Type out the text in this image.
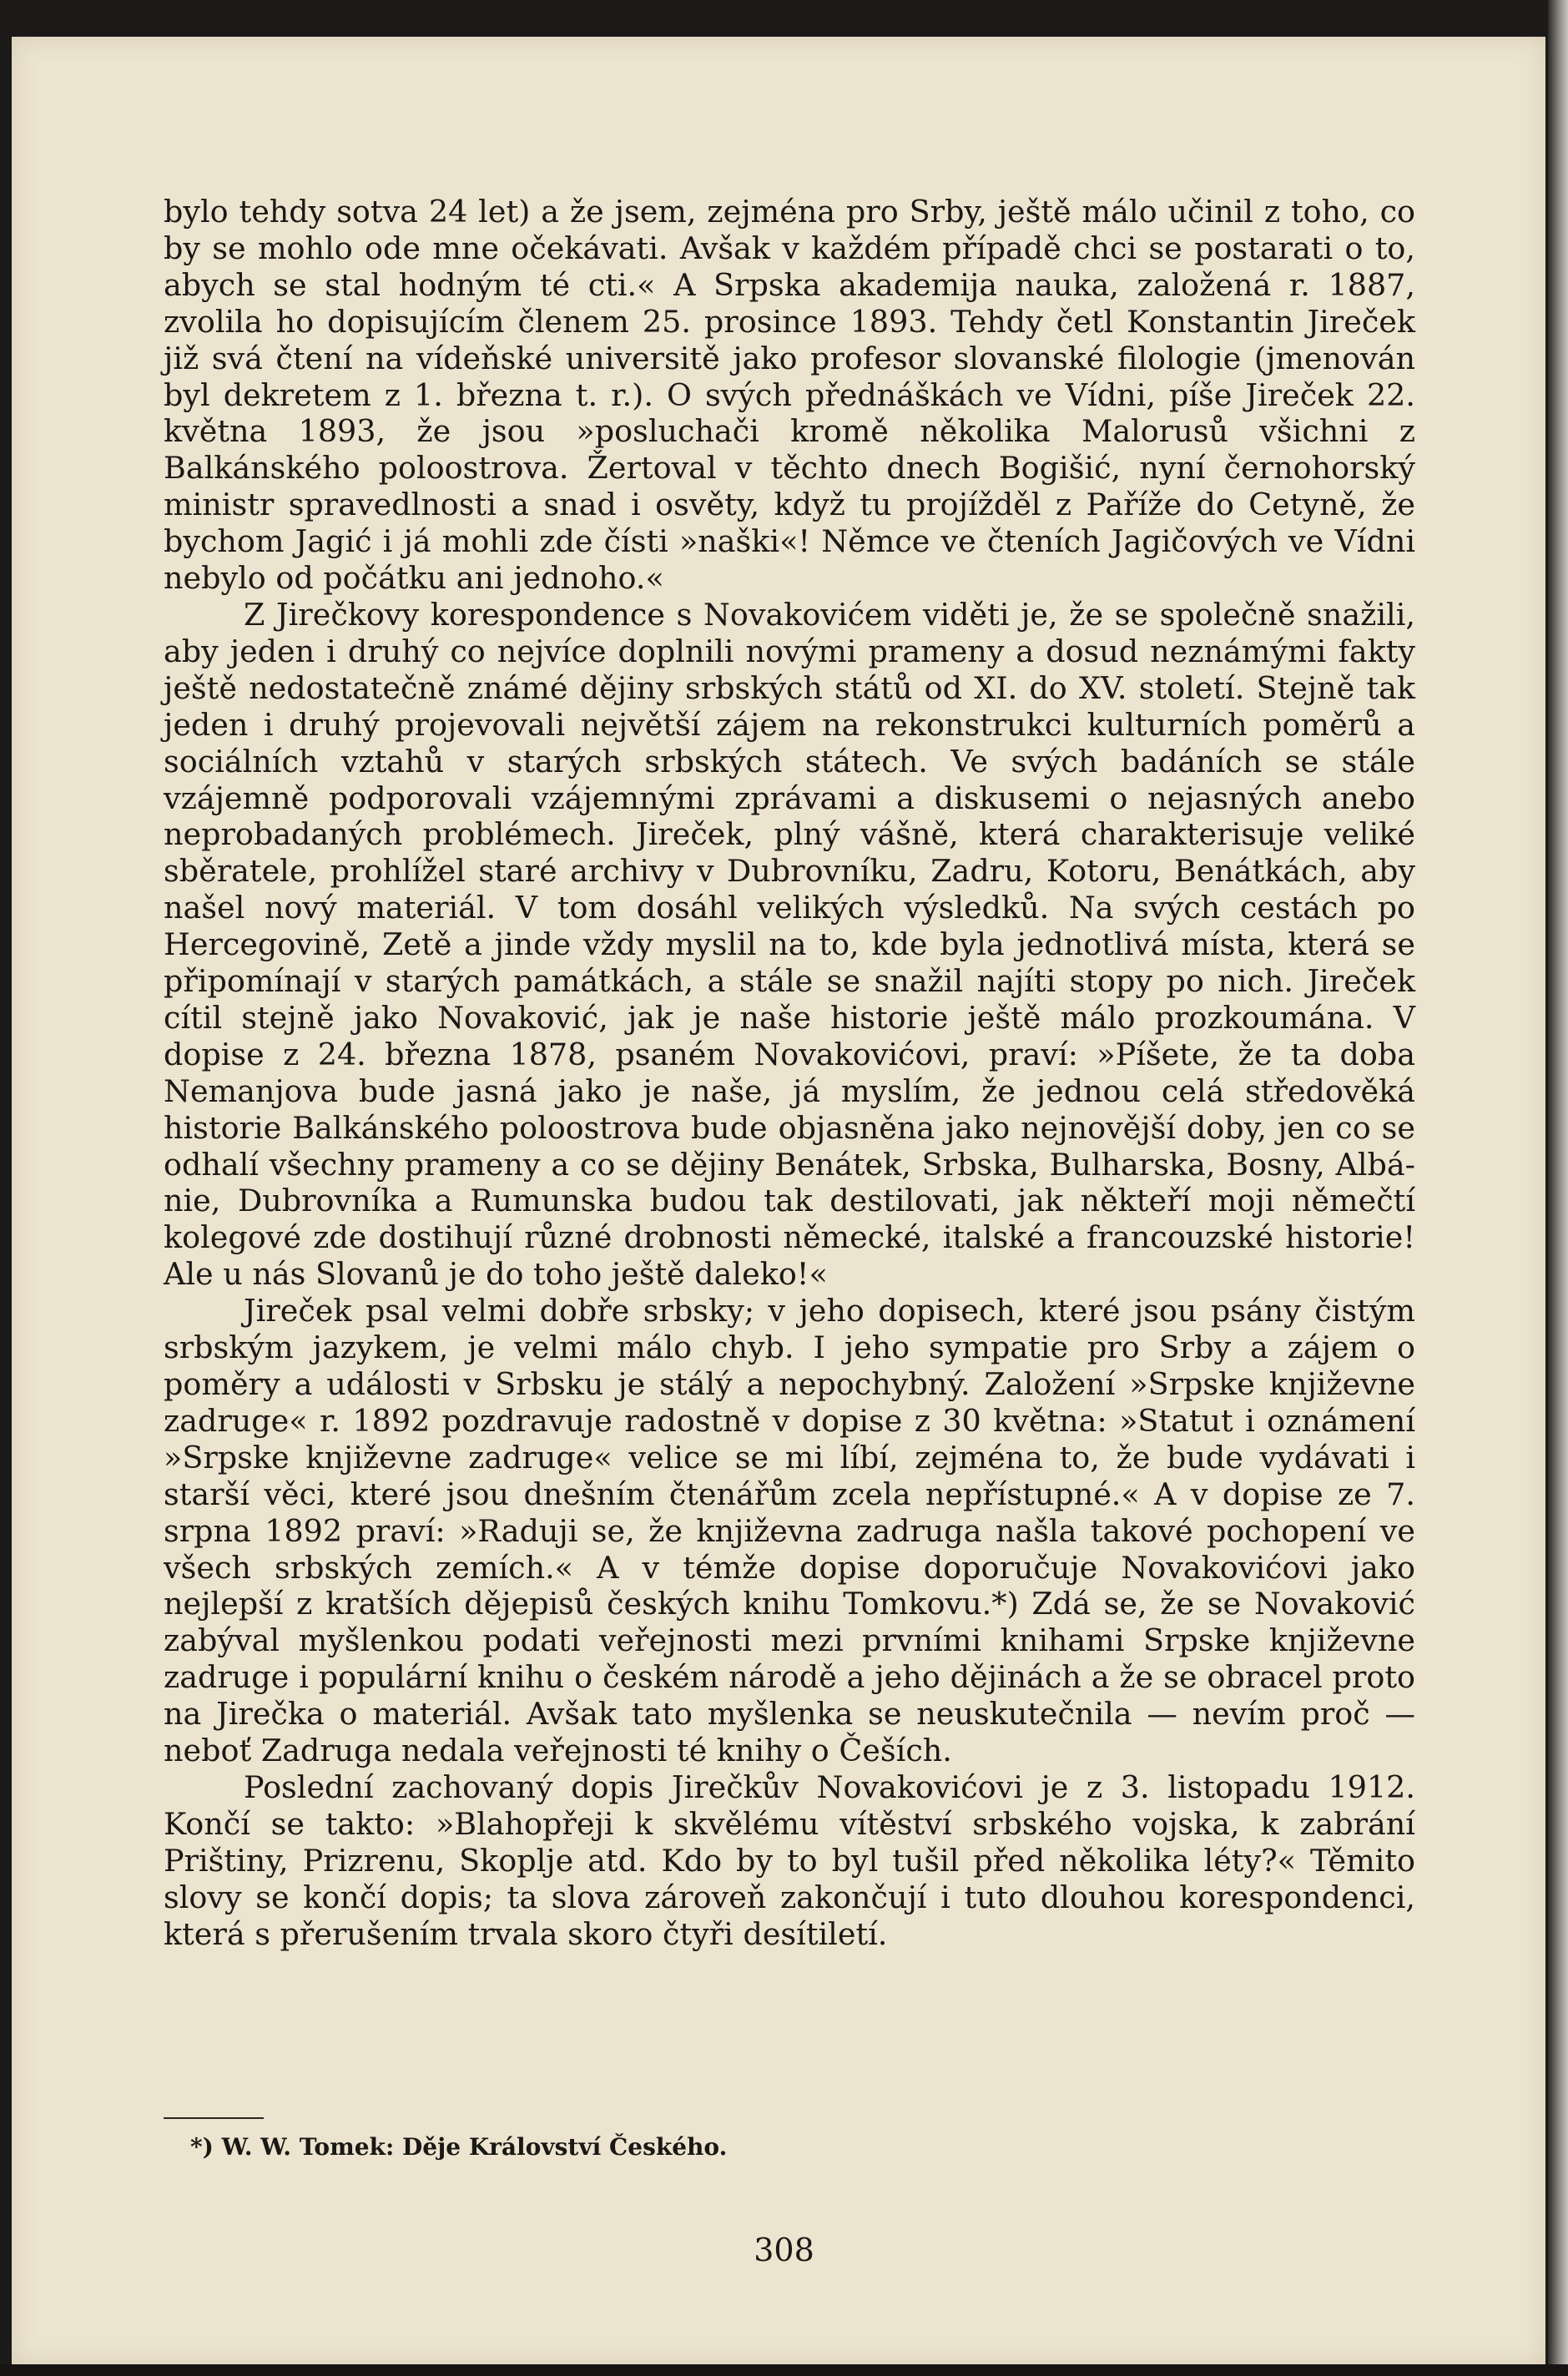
bylo tehdy sotva 24 let) a že jsem, zejména pro Srby, ještě málo učinil z toho, co by se mohlo ode mne očekávati. Avšak v každém případě chci se postarati o to, abych se stal hodným té cti.« A Srpska akademija nauka, založená r. 1887, zvolila ho dopisujícím členem 25. prosince 1893. Tehdy četl Konstantin Jireček již svá čtení na vídeňské universitě jako profesor slovanské filologie (jmenován byl dekretem z 1. března t. r.). O svých přednáškách ve Vídni, píše Jireček 22. května 1893, že jsou »posluchači kromě několika Malorusů všichni z Balkánského poloostrova. Žertoval v těchto dnech Bogišić, nyní černohorský ministr spravedlnosti a snad i osvěty, když tu projížděl z Paříže do Cetyně, že bychom Jagić i já mohli zde čísti »naški«! Němce ve čteních Jagičových ve Vídni nebylo od počátku ani jednoho.«

Z Jirečkovy korespondence s Novakovićem viděti je, že se společně snažili, aby jeden i druhý co nejvíce doplnili novými prameny a dosud neznámými fakty ještě nedostatečně známé dějiny srbských států od XI. do XV. století. Stejně tak jeden i druhý projevovali největší zájem na rekonstrukci kulturních poměrů a sociálních vztahů v starých srbských státech. Ve svých badáních se stále vzájemně podporovali vzájemnými zprávami a diskusemi o nejasných anebo neprobadaných problémech. Jireček, plný vášně, která charakterisuje veliké sběratele, prohlížel staré archivy v Dubrovníku, Zadru, Kotoru, Benátkách, aby našel nový materiál. V tom dosáhl velikých výsledků. Na svých cestách po Hercegovině, Zetě a jinde vždy myslil na to, kde byla jednotlivá místa, která se připomínají v starých památkách, a stále se snažil najíti stopy po nich. Jireček cítil stejně jako Novaković, jak je naše historie ještě málo prozkoumána. V dopise z 24. března 1878, psaném Novakovićovi, praví: »Píšete, že ta doba Nemanjova bude jasná jako je naše, já myslím, že jednou celá středověká historie Balkánského poloostrova bude objasněna jako nejnovější doby, jen co se odhalí všechny prameny a co se dějiny Benátek, Srbska, Bulharska, Bosny, Albánie, Dubrovníka a Rumunska budou tak destilovati, jak někteří moji němečtí kolegové zde dostihují různé drobnosti německé, italské a francouzské historie! Ale u nás Slovanů je do toho ještě daleko!«

Jireček psal velmi dobře srbsky; v jeho dopisech, které jsou psány čistým srbským jazykem, je velmi málo chyb. I jeho sympatie pro Srby a zájem o poměry a události v Srbsku je stálý a nepochybný. Založení »Srpske književne zadruge« r. 1892 pozdravuje radostně v dopise z 30 května: »Statut i oznámení »Srpske književne zadruge« velice se mi líbí, zejména to, že bude vydávati i starší věci, které jsou dnešním čtenářům zcela nepřístupné.« A v dopise ze 7. srpna 1892 praví: »Raduji se, že književna zadruga našla takové pochopení ve všech srbských zemích.« A v témže dopise doporučuje Novakovićovi jako nejlepší z kratších dějepisů českých knihu Tomkovu.*) Zdá se, že se Novaković zabýval myšlenkou podati veřejnosti mezi prvními knihami Srpske književne zadruge i populární knihu o českém národě a jeho dějinách a že se obracel proto na Jirečka o materiál. Avšak tato myšlenka se neuskutečnila — nevím proč — neboť Zadruga nedala veřejnosti té knihy o Češích.

Poslední zachovaný dopis Jirečkův Novakovićovi je z 3. listopadu 1912. Končí se takto: »Blahopřeji k skvělému vítěství srbského vojska, k zabrání Prištiny, Prizrenu, Skoplje atd. Kdo by to byl tušil před několika léty?« Těmito slovy se končí dopis; ta slova zároveň zakončují i tuto dlouhou korespondenci, která s přerušením trvala skoro čtyři desítiletí.

*) W. W. Tomek: Děje Království Českého.
308
